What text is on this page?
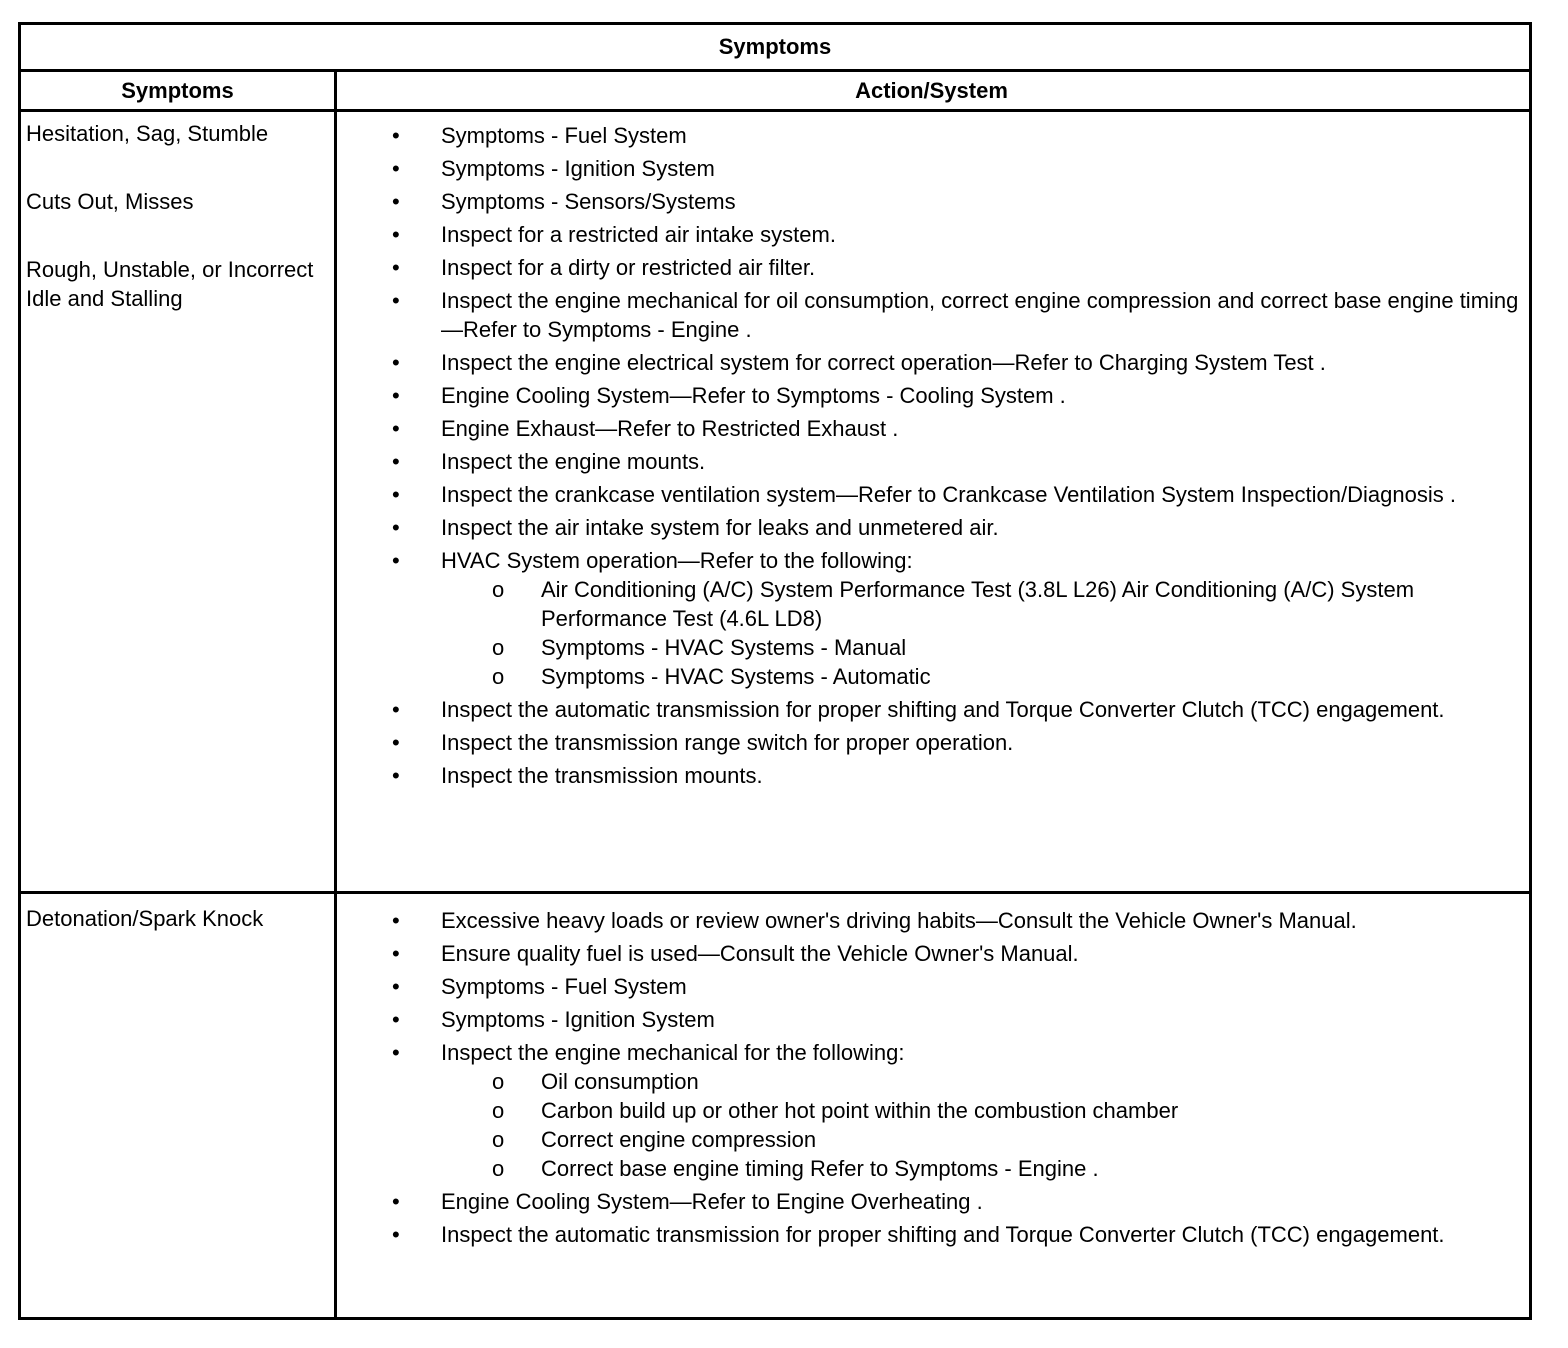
Symptoms
Symptoms	Action/System

Hesitation, Sag, Stumble

Cuts Out, Misses

Rough, Unstable, or Incorrect Idle and Stalling

• Symptoms - Fuel System
• Symptoms - Ignition System
• Symptoms - Sensors/Systems
• Inspect for a restricted air intake system.
• Inspect for a dirty or restricted air filter.
• Inspect the engine mechanical for oil consumption, correct engine compression and correct base engine timing—Refer to Symptoms - Engine .
• Inspect the engine electrical system for correct operation—Refer to Charging System Test .
• Engine Cooling System—Refer to Symptoms - Cooling System .
• Engine Exhaust—Refer to Restricted Exhaust .
• Inspect the engine mounts.
• Inspect the crankcase ventilation system—Refer to Crankcase Ventilation System Inspection/Diagnosis .
• Inspect the air intake system for leaks and unmetered air.
• HVAC System operation—Refer to the following:
o Air Conditioning (A/C) System Performance Test (3.8L L26) Air Conditioning (A/C) System Performance Test (4.6L LD8)
o Symptoms - HVAC Systems - Manual
o Symptoms - HVAC Systems - Automatic
• Inspect the automatic transmission for proper shifting and Torque Converter Clutch (TCC) engagement.
• Inspect the transmission range switch for proper operation.
• Inspect the transmission mounts.

Detonation/Spark Knock	• Excessive heavy loads or review owner's driving habits—Consult the Vehicle Owner's Manual.
• Ensure quality fuel is used—Consult the Vehicle Owner's Manual.
• Symptoms - Fuel System
• Symptoms - Ignition System
• Inspect the engine mechanical for the following:
o Oil consumption
o Carbon build up or other hot point within the combustion chamber
o Correct engine compression
o Correct base engine timing Refer to Symptoms - Engine .
• Engine Cooling System—Refer to Engine Overheating .
• Inspect the automatic transmission for proper shifting and Torque Converter Clutch (TCC) engagement.
